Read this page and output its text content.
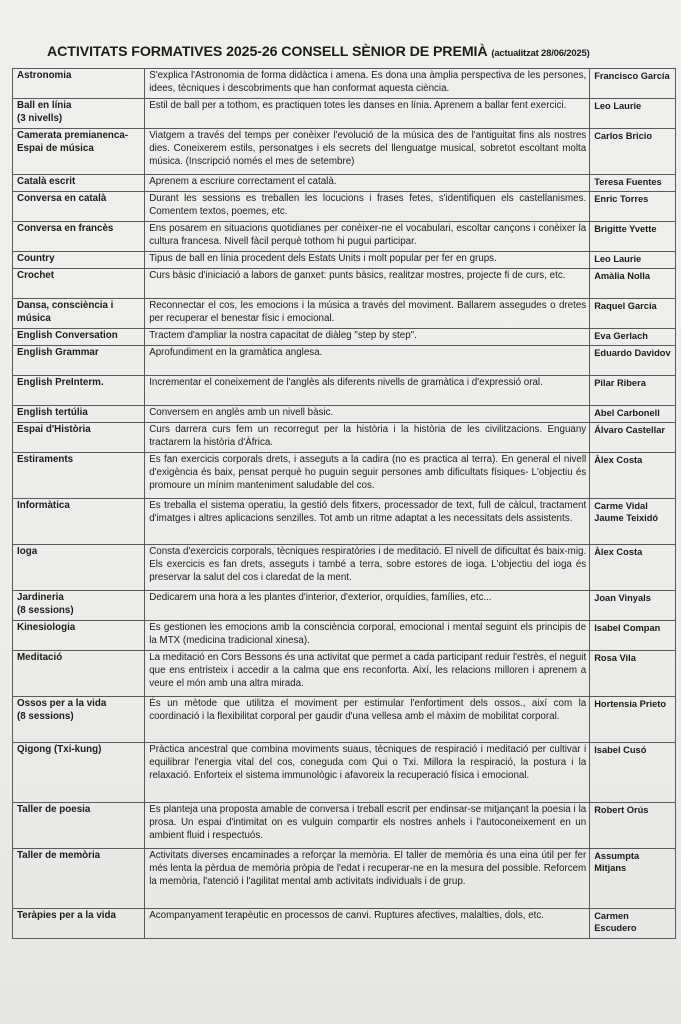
ACTIVITATS FORMATIVES 2025-26 CONSELL SÈNIOR DE PREMIÀ (actualitzat 28/06/2025)
Astronomia	S'explica l'Astronomia de forma didàctica i amena. Es dona una àmplia perspectiva de les persones, idees, tècniques i descobriments que han conformat aquesta ciència.	Francisco García

Ball en línia
(3 nivells)	Estil de ball per a tothom, es practiquen totes les danses en línia. Aprenem a ballar fent exercici.	Leo Laurie

Camerata premianenca-Espai de música	Viatgem a través del temps per conèixer l'evolució de la música des de l'antiguitat fins als nostres dies. Coneixerem estils, personatges i els secrets del llenguatge musical, sobretot escoltant molta música. (Inscripció només el mes de setembre)	Carlos Bricio

Català escrit	Aprenem a escriure correctament el català.	Teresa Fuentes

Conversa en català	Durant les sessions es treballen les locucions i frases fetes, s'identifiquen els castellanismes. Comentem textos, poemes, etc.	Enric Torres

Conversa en francès	Ens posarem en situacions quotidianes per conèixer-ne el vocabulari, escoltar cançons i conèixer la cultura francesa. Nivell fàcil perquè tothom hi pugui participar.	Brigitte Yvette

Country	Tipus de ball en línia procedent dels Estats Units i molt popular per fer en grups.	Leo Laurie

Crochet	Curs bàsic d'iniciació a labors de ganxet: punts bàsics, realitzar mostres, projecte fi de curs, etc.	Amàlia Nolla

Dansa, consciència i música	Reconnectar el cos, les emocions i la música a través del moviment. Ballarem assegudes o dretes per recuperar el benestar físic i emocional.	Raquel García

English Conversation	Tractem d'ampliar la nostra capacitat de diàleg "step by step".	Eva Gerlach

English Grammar	Aprofundiment en la gramàtica anglesa.	Eduardo Davidov

English PreInterm.	Incrementar el coneixement de l'anglès als diferents nivells de gramàtica i d'expressió oral.	Pilar Ribera

English tertúlia	Conversem en anglès amb un nivell bàsic.	Abel Carbonell

Espai d'Història	Curs darrera curs fem un recorregut per la història i la història de les civilitzacions. Enguany tractarem la història d'Àfrica.	Álvaro Castellar

Estiraments	Es fan exercicis corporals drets, i asseguts a la cadira (no es practica al terra). En general el nivell d'exigència és baix, pensat perquè ho puguin seguir persones amb dificultats físiques- L'objectiu és promoure un mínim manteniment saludable del cos.	Àlex Costa

Informàtica	Es treballa el sistema operatiu, la gestió dels fitxers, processador de text, full de càlcul, tractament d'imatges i altres aplicacions senzilles. Tot amb un ritme adaptat a les necessitats dels assistents.	Carme Vidal Jaume Teixidó

Ioga	Consta d'exercicis corporals, tècniques respiratòries i de meditació. El nivell de dificultat és baix-mig. Els exercicis es fan drets, asseguts i també a terra, sobre estores de ioga. L'objectiu del ioga és preservar la salut del cos i claredat de la ment.	Àlex Costa

Jardineria
(8 sessions)	Dedicarem una hora a les plantes d'interior, d'exterior, orquídies, famílies, etc...	Joan Vinyals

Kinesiologia	Es gestionen les emocions amb la consciència corporal, emocional i mental seguint els principis de la MTX (medicina tradicional xinesa).	Isabel Compan

Meditació	La meditació en Cors Bessons és una activitat que permet a cada participant reduir l'estrès, el neguit que ens entristeix i accedir a la calma que ens reconforta. Així, les relacions milloren i aprenem a veure el món amb una altra mirada.	Rosa Vila

Ossos per a la vida
(8 sessions)	És un mètode que utilitza el moviment per estimular l'enfortiment dels ossos., així com la coordinació i la flexibilitat corporal per gaudir d'una vellesa amb el màxim de mobilitat corporal.	Hortensia Prieto

Qigong (Txi-kung)	Pràctica ancestral que combina moviments suaus, tècniques de respiració i meditació per cultivar i equilibrar l'energia vital del cos, coneguda com Qui o Txi. Millora la respiració, la postura i la relaxació. Enforteix el sistema immunològic i afavoreix la recuperació física i emocional.	Isabel Cusó

Taller de poesia	Es planteja una proposta amable de conversa i treball escrit per endinsar-se mitjançant la poesia i la prosa. Un espai d'intimitat on es vulguin compartir els nostres anhels i l'autoconeixement en un ambient fluid i respectuós.	Robert Orús

Taller de memòria	Activitats diverses encaminades a reforçar la memòria. El taller de memòria és una eina útil per fer més lenta la pèrdua de memòria pròpia de l'edat i recuperar-ne en la mesura del possible. Reforcem la memòria, l'atenció i l'agilitat mental amb activitats individuals i de grup.	Assumpta Mitjans

Teràpies per a la vida	Acompanyament terapèutic en processos de canvi. Ruptures afectives, malalties, dols, etc.	Carmen Escudero
